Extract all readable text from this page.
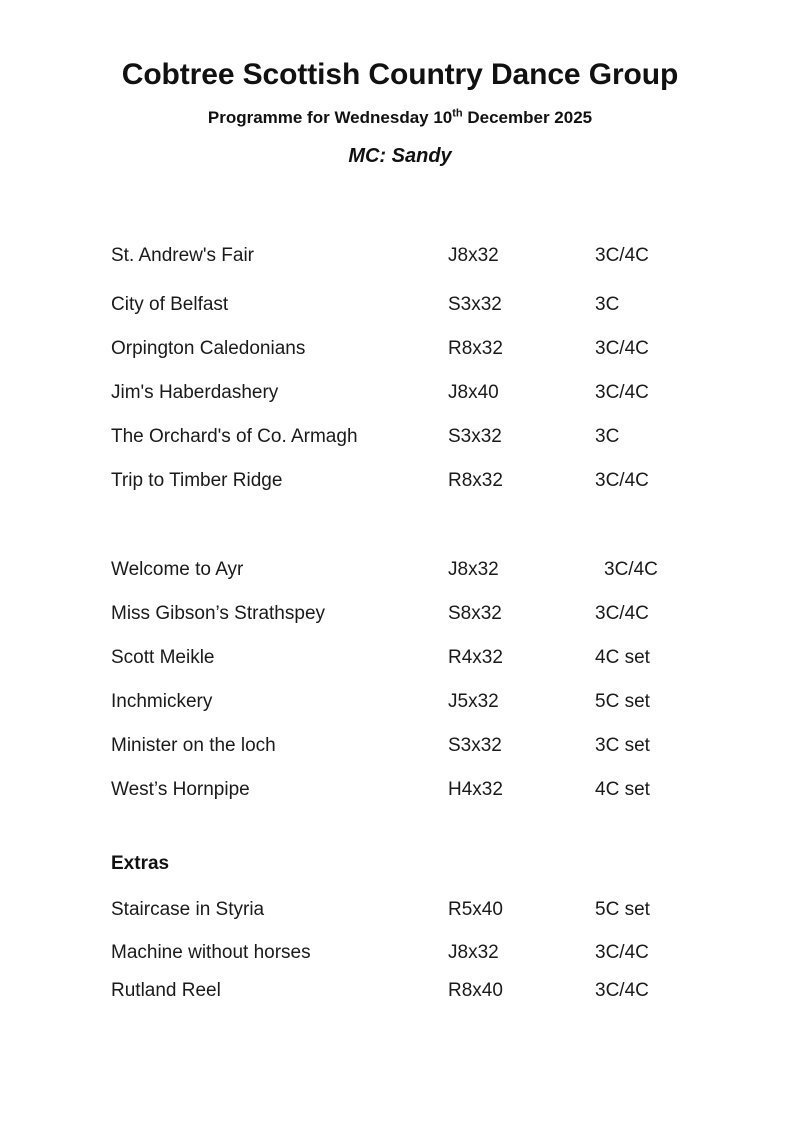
Cobtree Scottish Country Dance Group

Programme for Wednesday 10th December 2025

MC: Sandy

St. Andrew's Fair	J8x32	3C/4C
City of Belfast	S3x32	3C
Orpington Caledonians	R8x32	3C/4C
Jim's Haberdashery	J8x40	3C/4C
The Orchard's of Co. Armagh	S3x32	3C
Trip to Timber Ridge	R8x32	3C/4C
Welcome to Ayr	J8x32	3C/4C
Miss Gibson’s Strathspey	S8x32	3C/4C
Scott Meikle	R4x32	4C set
Inchmickery	J5x32	5C set
Minister on the loch	S3x32	3C set
West’s Hornpipe	H4x32	4C set
Extras
Staircase in Styria	R5x40	5C set
Machine without horses	J8x32	3C/4C
Rutland Reel	R8x40	3C/4C
